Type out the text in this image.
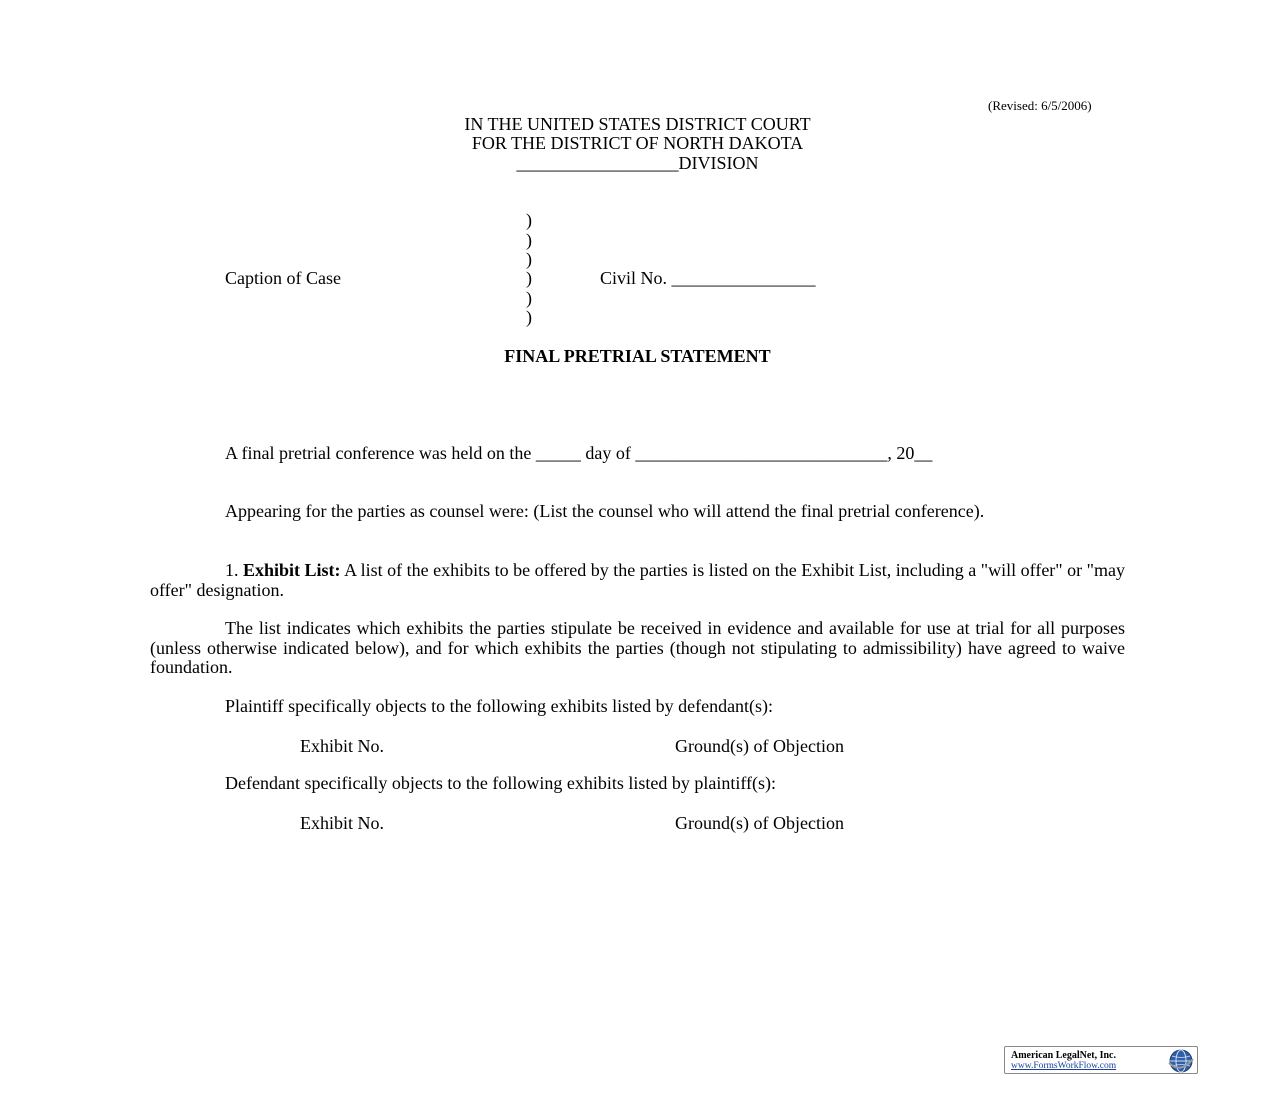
(Revised: 6/5/2006)
IN THE UNITED STATES DISTRICT COURT
FOR THE DISTRICT OF NORTH DAKOTA
__________________DIVISION
)
)
)
)
)
)
Caption of Case	Civil No. ________________
FINAL PRETRIAL STATEMENT

A final pretrial conference was held on the _____ day of ____________________________, 20__

Appearing for the parties as counsel were: (List the counsel who will attend the final pretrial conference).

1. Exhibit List: A list of the exhibits to be offered by the parties is listed on the Exhibit List, including a "will offer" or "may offer" designation.

The list indicates which exhibits the parties stipulate be received in evidence and available for use at trial for all purposes (unless otherwise indicated below), and for which exhibits the parties (though not stipulating to admissibility) have agreed to waive foundation.

Plaintiff specifically objects to the following exhibits listed by defendant(s):

Exhibit No.	Ground(s) of Objection

Defendant specifically objects to the following exhibits listed by plaintiff(s):

Exhibit No.	Ground(s) of Objection
American LegalNet, Inc.
www.FormsWorkFlow.com
